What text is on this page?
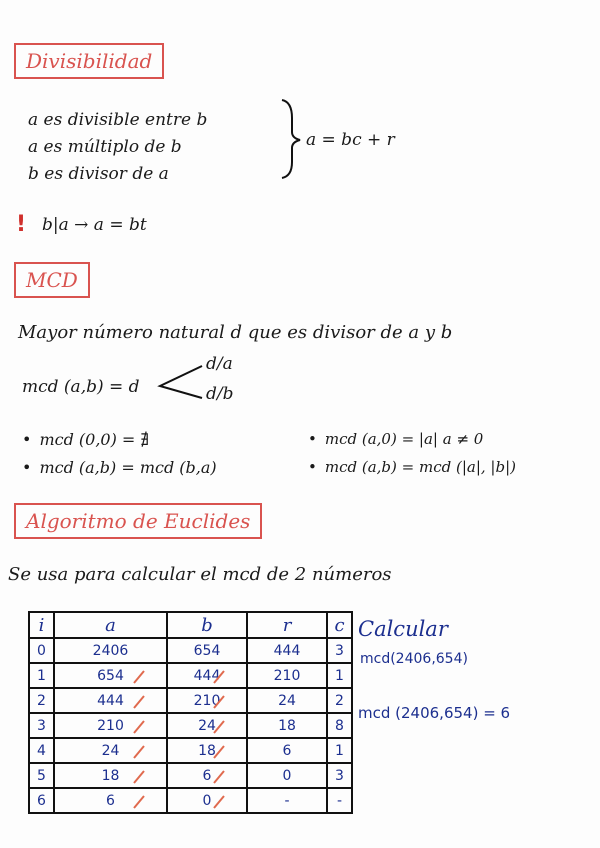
Divisibilidad
a es divisible entre b
a es múltiplo de b
b es divisor de a
a = bc + r
! b|a → a = bt
MCD
Mayor número natural d que es divisor de a y b
mcd (a,b) = d
d/a
d/b
• mcd (0,0) = ∄
• mcd (a,b) = mcd (b,a)
• mcd (a,0) = |a| a ≠ 0
• mcd (a,b) = mcd (|a|, |b|)
Algoritmo de Euclides
Se usa para calcular el mcd de 2 números
i	a	b	r	c
0	2406	654	444	3
1	654	444	210	1
2	444	210	24	2
3	210	24	18	8
4	24	18	6	1
5	18	6	0	3
6	6	0	-	-
Calcular
mcd(2406,654)
mcd (2406,654) = 6
